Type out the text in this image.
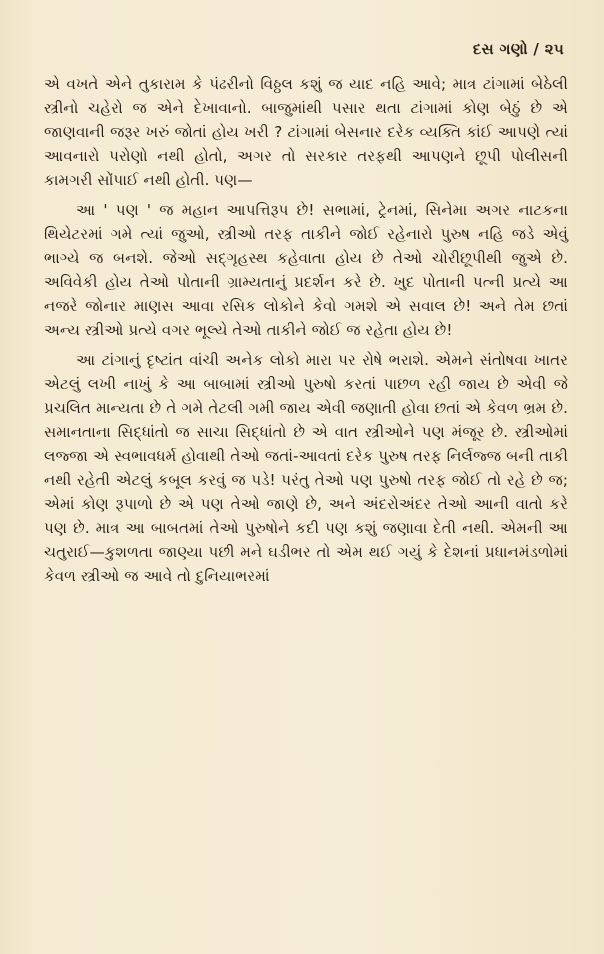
દસ ગણો / ૨૫

એ વખતે એને તુકારામ કે પંઢરીનો વિઠ્ઠલ કશું જ યાદ નહિ આવે; માત્ર ટાંગામાં બેઠેલી સ્ત્રીનો ચહેરો જ એને દેખાવાનો. બાજુમાંથી પસાર થતા ટાંગામાં કોણ બેઠું છે એ જાણવાની જરૂર ખરું જોતાં હોય ખરી ? ટાંગામાં બેસનાર દરેક વ્યક્તિ કાંઈ આપણે ત્યાં આવનારો પરોણો નથી હોતો, અગર તો સરકાર તરફથી આપણને છૂપી પોલીસની કામગરી સોંપાઈ નથી હોતી. પણ—

આ ' પણ ' જ મહાન આપત્તિરૂપ છે! સભામાં, ટ્રેનમાં, સિનેમા અગર નાટકના થિયેટરમાં ગમે ત્યાં જુઓ, સ્ત્રીઓ તરફ તાકીને જોઈ રહેનારો પુરુષ નહિ જડે એવું ભાગ્યે જ બનશે. જેઓ સદ્‌ગૃહસ્થ કહેવાતા હોય છે તેઓ ચોરીછૂપીથી જુએ છે. અવિવેકી હોય તેઓ પોતાની ગ્રામ્યતાનું પ્રદર્શન કરે છે. ખુદ પોતાની પત્ની પ્રત્યે આ નજરે જોનાર માણસ આવા રસિક લોકોને કેવો ગમશે એ સવાલ છે! અને તેમ છતાં અન્ય સ્ત્રીઓ પ્રત્યે વગર ભૂલ્યે તેઓ તાકીને જોઈ જ રહેતા હોય છે!

આ ટાંગાનું દૃષ્ટાંત વાંચી અનેક લોકો મારા પર રોષે ભરાશે. એમને સંતોષવા ખાતર એટલું લખી નાખું કે આ બાબામાં સ્ત્રીઓ પુરુષો કરતાં પાછળ રહી જાય છે એવી જે પ્રચલિત માન્યતા છે તે ગમે તેટલી ગમી જાય એવી જણાતી હોવા છતાં એ કેવળ ભ્રમ છે. સમાનતાના સિદ્ધાંતો જ સાચા સિદ્ધાંતો છે એ વાત સ્ત્રીઓને પણ મંજૂર છે. સ્ત્રીઓમાં લજ્જા એ સ્વભાવધર્મ હોવાથી તેઓ જતાં-આવતાં દરેક પુરુષ તરફ નિર્લજ્જ બની તાકી નથી રહેતી એટલું કબૂલ કરવું જ પડે! પરંતુ તેઓ પણ પુરુષો તરફ જોઈ તો રહે છે જ; એમાં કોણ રૂપાળો છે એ પણ તેઓ જાણે છે, અને અંદરોઅંદર તેઓ આની વાતો કરે પણ છે. માત્ર આ બાબતમાં તેઓ પુરુષોને કદી પણ કશું જણાવા દેતી નથી. એમની આ ચતુરાઈ—કુશળતા જાણ્યા પછી મને ઘડીભર તો એમ થઈ ગયું કે દેશનાં પ્રધાનમંડળોમાં કેવળ સ્ત્રીઓ જ આવે તો દુનિયાભરમાં
